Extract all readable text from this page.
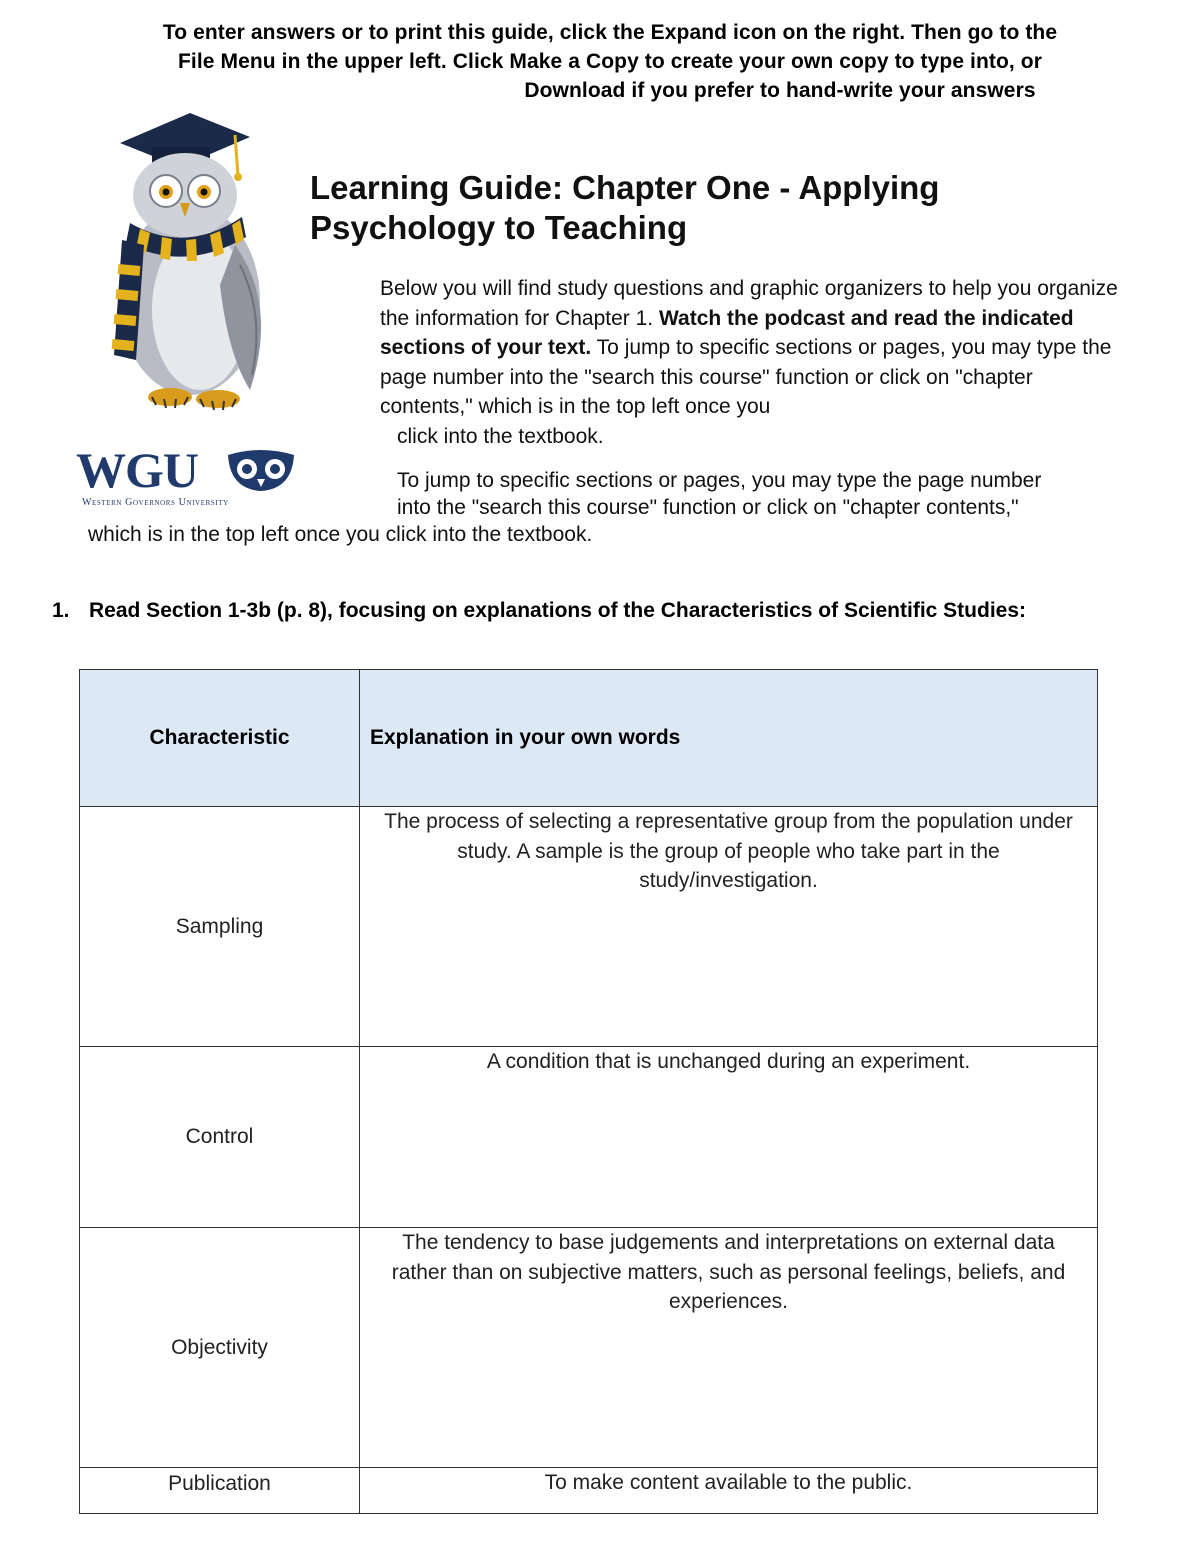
To enter answers or to print this guide, click the Expand icon on the right. Then go to the
File Menu in the upper left. Click Make a Copy to create your own copy to type into, or
Download if you prefer to hand-write your answers
WGU
Western Governors University
Learning Guide: Chapter One - Applying
Psychology to Teaching
Below you will find study questions and graphic organizers to help you organize the information for Chapter 1. Watch the podcast and read the indicated sections of your text. To jump to specific sections or pages, you may type the page number into the "search this course" function or click on "chapter contents," which is in the top left once you
click into the textbook.
To jump to specific sections or pages, you may type the page number
into the "search this course" function or click on "chapter contents,"
which is in the top left once you click into the textbook.
1. Read Section 1-3b (p. 8), focusing on explanations of the Characteristics of Scientific Studies:
Characteristic	Explanation in your own words
Sampling	The process of selecting a representative group from the population under study. A sample is the group of people who take part in the study/investigation.
Control	A condition that is unchanged during an experiment.
Objectivity	The tendency to base judgements and interpretations on external data rather than on subjective matters, such as personal feelings, beliefs, and experiences.
Publication	To make content available to the public.
